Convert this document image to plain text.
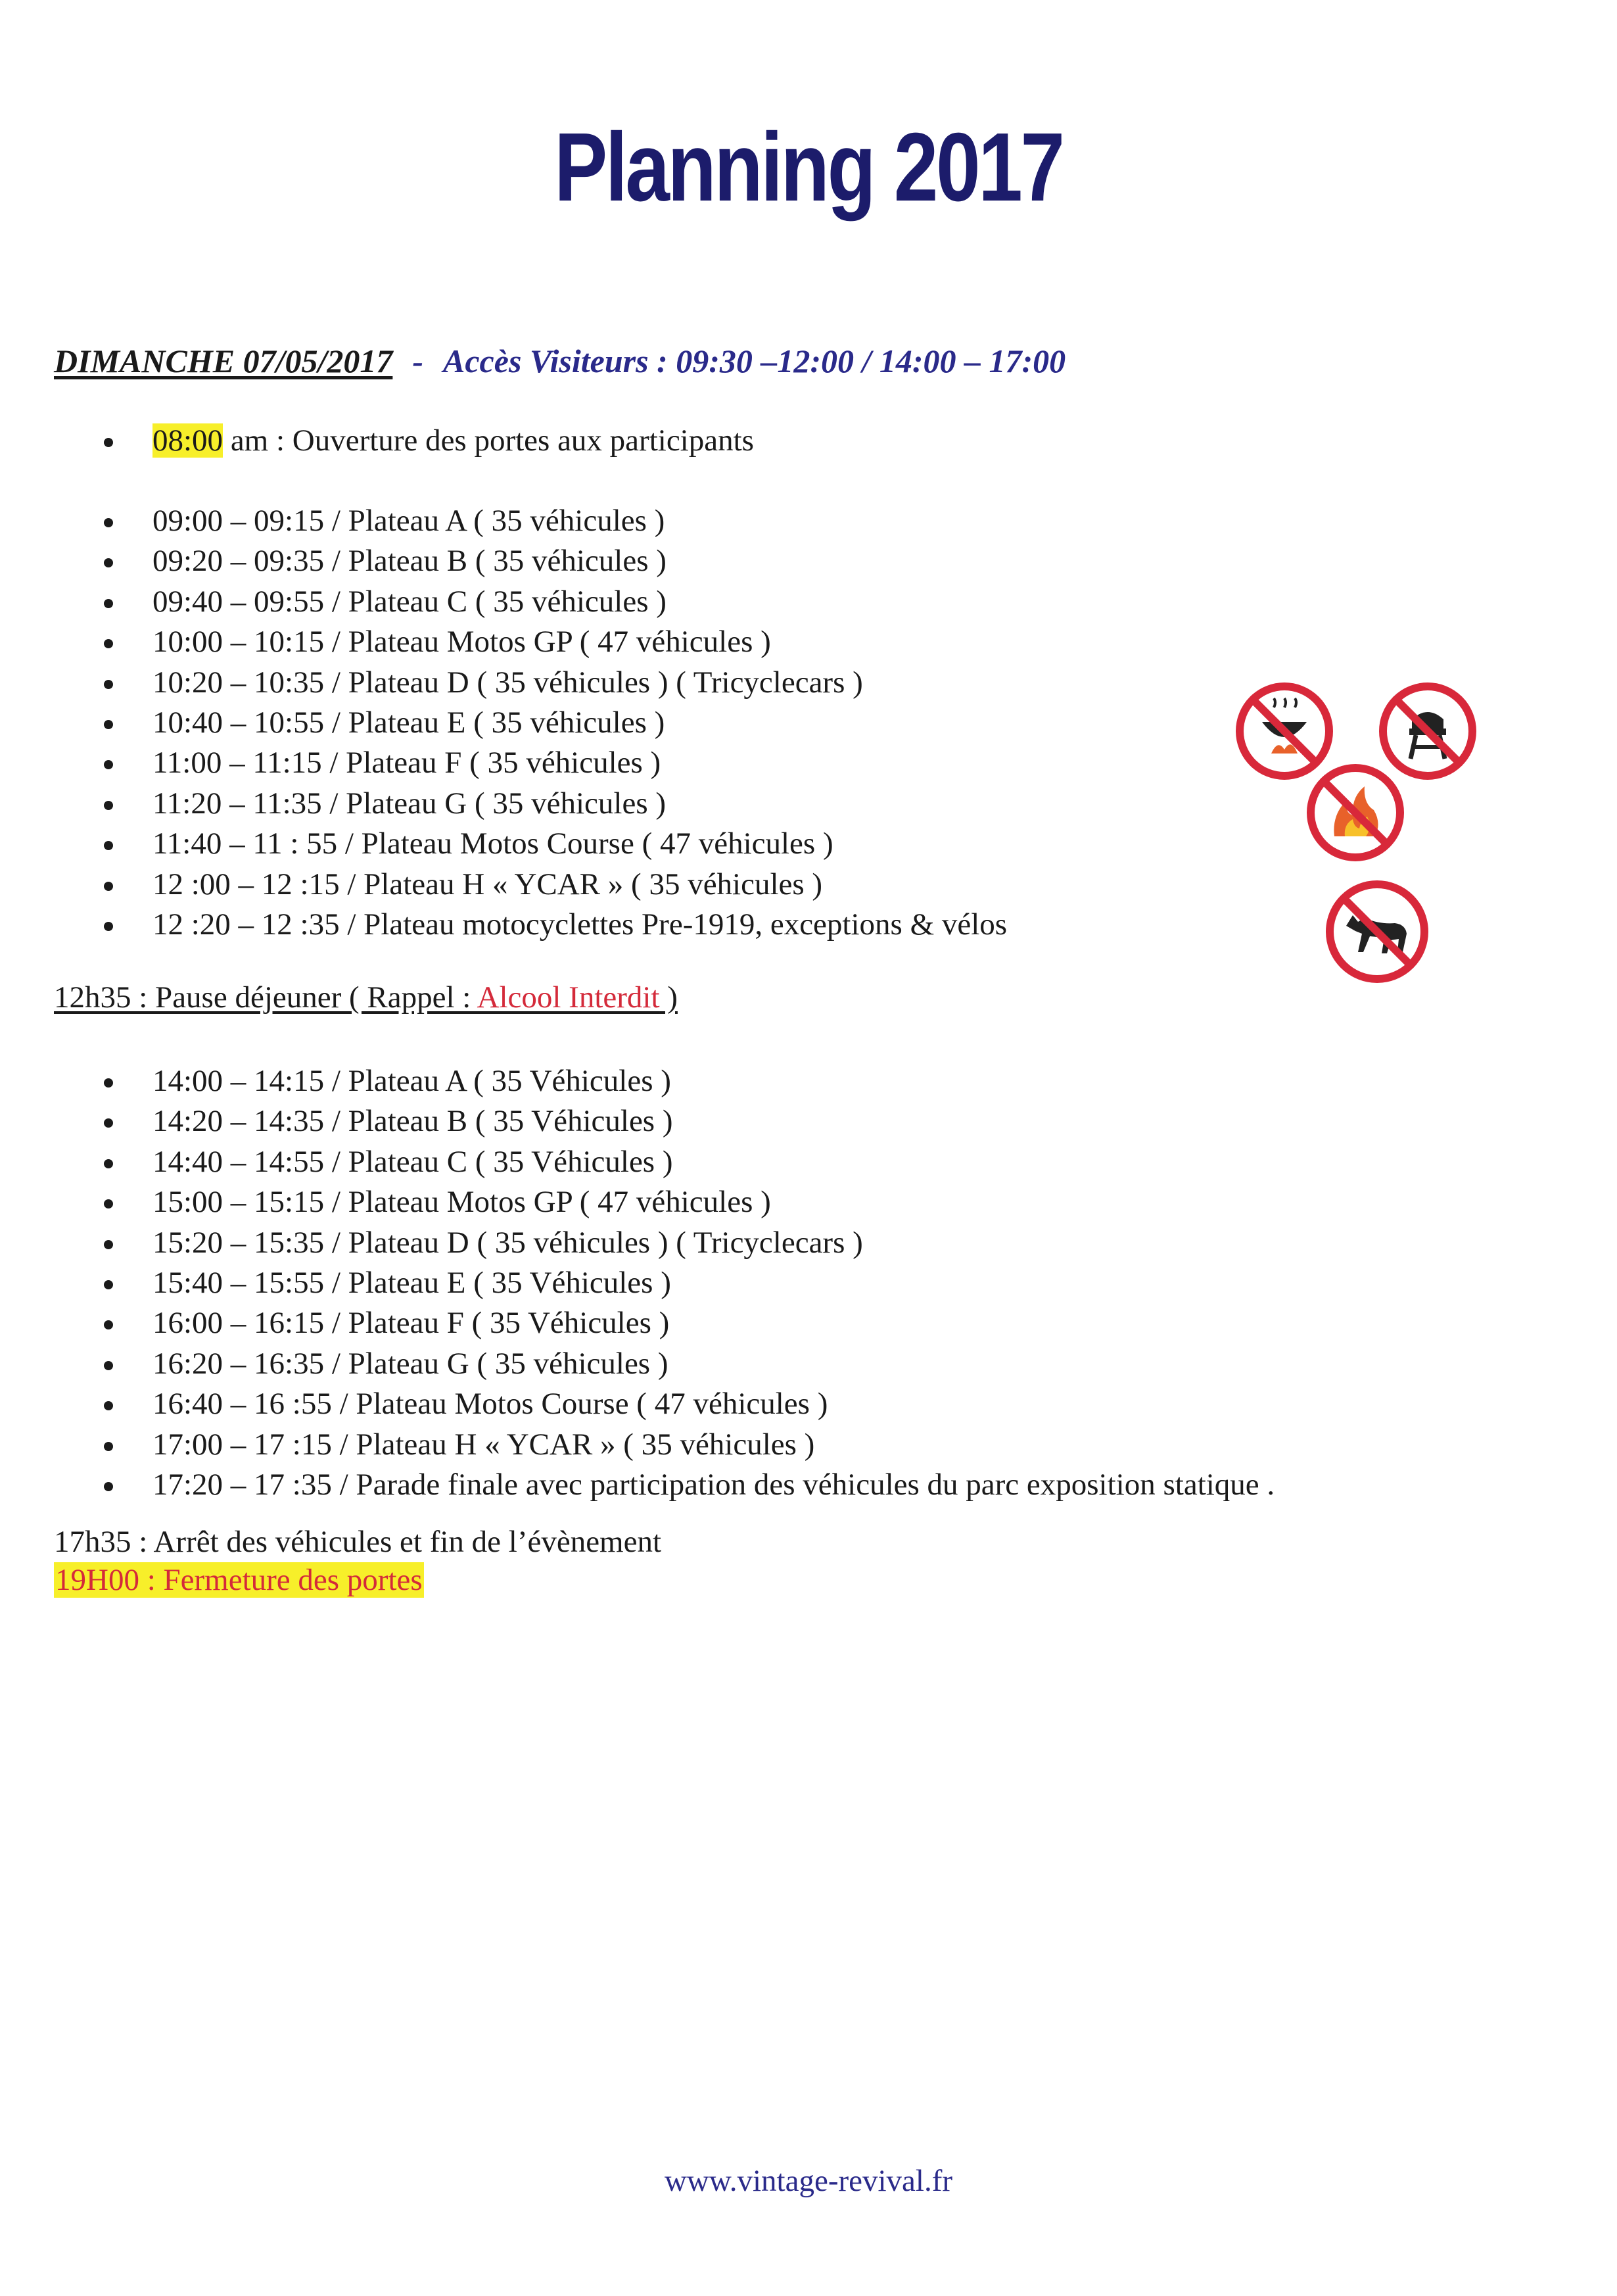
Planning 2017
DIMANCHE 07/05/2017 - Accès Visiteurs : 09:30 –12:00 / 14:00 – 17:00
08:00 am : Ouverture des portes aux participants
09:00 – 09:15 / Plateau A ( 35 véhicules )
09:20 – 09:35 / Plateau B ( 35 véhicules )
09:40 – 09:55 / Plateau C ( 35 véhicules )
10:00 – 10:15 / Plateau Motos GP ( 47 véhicules )
10:20 – 10:35 / Plateau D ( 35 véhicules ) ( Tricyclecars )
10:40 – 10:55 / Plateau E ( 35 véhicules )
11:00 – 11:15 / Plateau F ( 35 véhicules )
11:20 – 11:35 / Plateau G ( 35 véhicules )
11:40 – 11 : 55 / Plateau Motos Course ( 47 véhicules )
12 :00 – 12 :15 / Plateau H « YCAR » ( 35 véhicules )
12 :20 – 12 :35 / Plateau motocyclettes Pre-1919, exceptions & vélos
12h35 : Pause déjeuner ( Rappel : Alcool Interdit )
14:00 – 14:15 / Plateau A ( 35 Véhicules )
14:20 – 14:35 / Plateau B ( 35 Véhicules )
14:40 – 14:55 / Plateau C ( 35 Véhicules )
15:00 – 15:15 / Plateau Motos GP ( 47 véhicules )
15:20 – 15:35 / Plateau D ( 35 véhicules ) ( Tricyclecars )
15:40 – 15:55 / Plateau E ( 35 Véhicules )
16:00 – 16:15 / Plateau F ( 35 Véhicules )
16:20 – 16:35 / Plateau G ( 35 véhicules )
16:40 – 16 :55 / Plateau Motos Course ( 47 véhicules )
17:00 – 17 :15 / Plateau H « YCAR » ( 35 véhicules )
17:20 – 17 :35 / Parade finale avec participation des véhicules du parc exposition statique .
17h35 : Arrêt des véhicules et fin de l’évènement
19H00 : Fermeture des portes
www.vintage-revival.fr
